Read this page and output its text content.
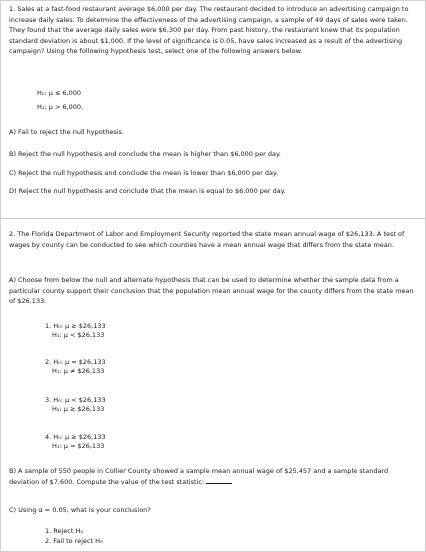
1. Sales at a fast-food restaurant average $6,000 per day. The restaurant decided to introduce an advertising campaign to increase daily sales. To determine the effectiveness of the advertising campaign, a sample of 49 days of sales were taken. They found that the average daily sales were $6,300 per day. From past history, the restaurant knew that its population standard deviation is about $1,000. If the level of significance is 0.05, have sales increased as a result of the advertising campaign? Using the following hypothesis test, select one of the following answers below.

H₀: μ ≤ 6,000
H₁: μ > 6,000.
A) Fail to reject the null hypothesis.
B) Reject the null hypothesis and conclude the mean is higher than $6,000 per day.
C) Reject the null hypothesis and conclude the mean is lower than $6,000 per day.
D) Reject the null hypothesis and conclude that the mean is equal to $6,000 per day.

2. The Florida Department of Labor and Employment Security reported the state mean annual wage of $26,133. A test of wages by county can be conducted to see which counties have a mean annual wage that differs from the state mean.

A) Choose from below the null and alternate hypothesis that can be used to determine whether the sample data from a particular county support their conclusion that the population mean annual wage for the county differs from the state mean of $26,133.

1. H₀: μ ≥ $26,133
H₁: μ < $26,133
2. H₀: μ = $26,133
H₁: μ ≠ $26,133
3. H₀: μ < $26,133
H₁: μ ≥ $26,133
4. H₀: μ ≥ $26,133
H₁: μ = $26,133

B) A sample of 550 people in Collier County showed a sample mean annual wage of $25,457 and a sample standard deviation of $7,600. Compute the value of the test statistic:

C) Using α = 0.05, what is your conclusion?
1. Reject H₀
2. Fail to reject H₀
